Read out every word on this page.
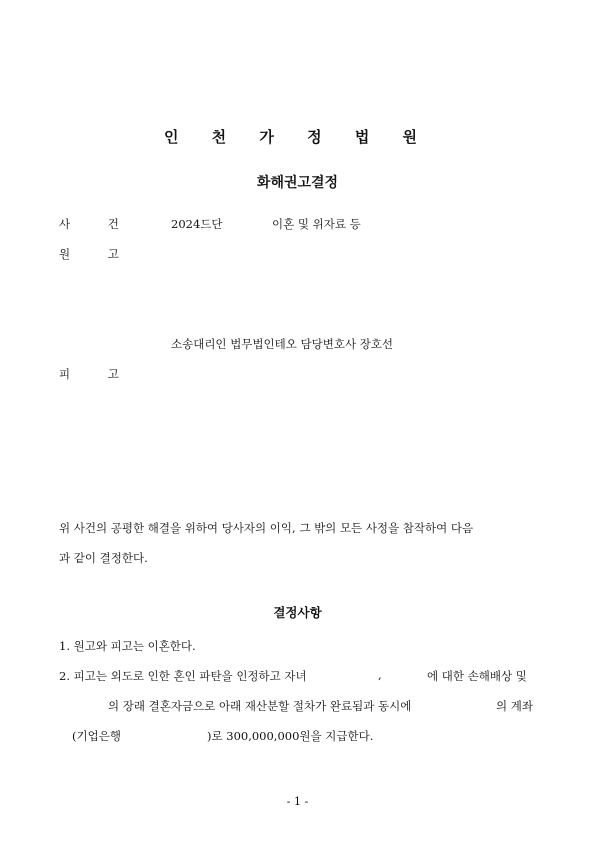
인 천 가 정 법 원
화해권고결정
사 건	2024드단	이혼 및 위자료 등
원 고
소송대리인 법무법인테오 담당변호사 장호선
피 고
위 사건의 공평한 해결을 위하여 당사자의 이익, 그 밖의 모든 사정을 참작하여 다음
과 같이 결정한다.
결정사항
1. 원고와 피고는 이혼한다.
2. 피고는 외도로 인한 혼인 파탄을 인정하고 자녀	,	에 대한 손해배상 및
의 장래 결혼자금으로 아래 재산분할 절차가 완료됨과 동시에	의 계좌
(기업은행	)로 300,000,000원을 지급한다.
- 1 -
